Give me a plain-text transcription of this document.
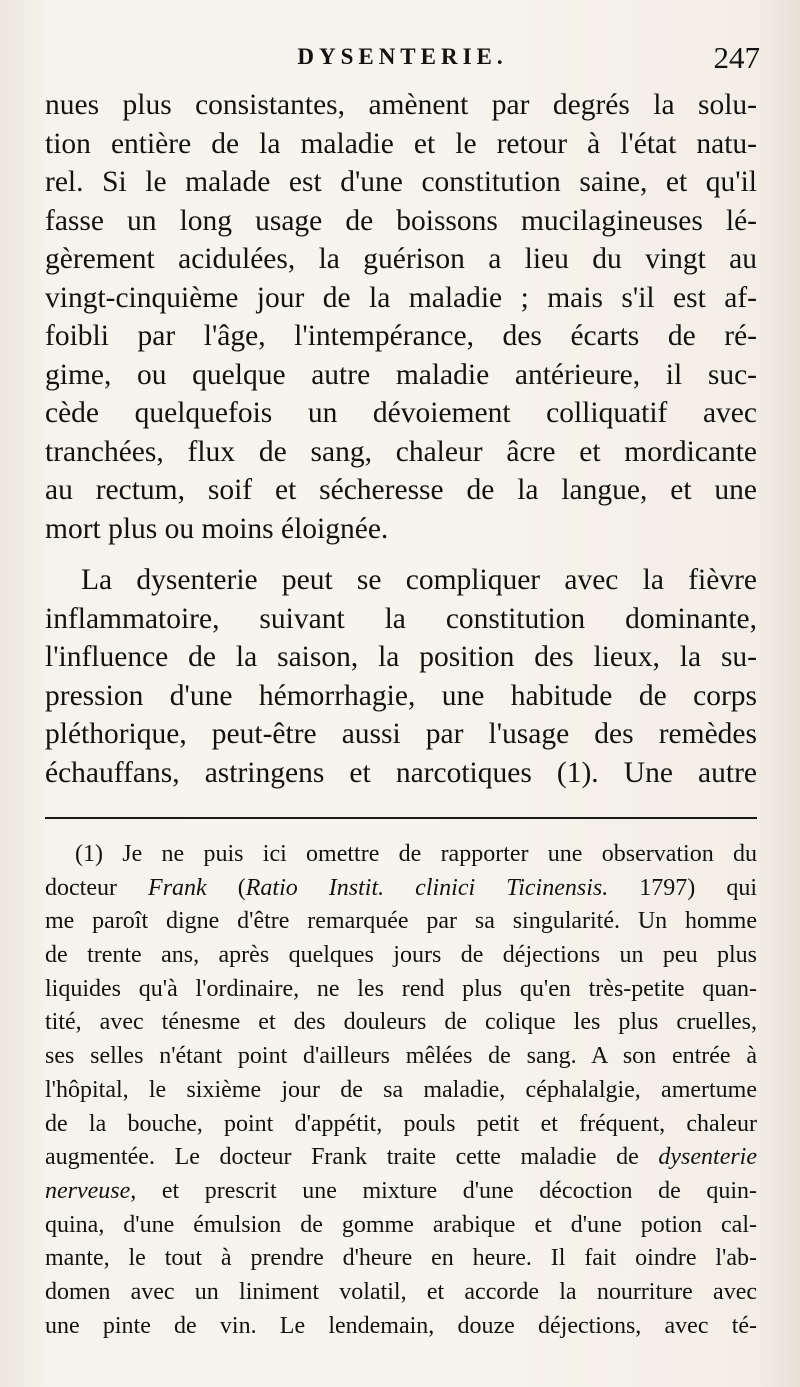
DYSENTERIE.	247
nues plus consistantes, amènent par degrés la solu-
tion entière de la maladie et le retour à l'état natu-
rel. Si le malade est d'une constitution saine, et qu'il
fasse un long usage de boissons mucilagineuses lé-
gèrement acidulées, la guérison a lieu du vingt au
vingt-cinquième jour de la maladie ; mais s'il est af-
foibli par l'âge, l'intempérance, des écarts de ré-
gime, ou quelque autre maladie antérieure, il suc-
cède quelquefois un dévoiement colliquatif avec
tranchées, flux de sang, chaleur âcre et mordicante
au rectum, soif et sécheresse de la langue, et une
mort plus ou moins éloignée.
La dysenterie peut se compliquer avec la fièvre
inflammatoire, suivant la constitution dominante,
l'influence de la saison, la position des lieux, la su-
pression d'une hémorrhagie, une habitude de corps
pléthorique, peut-être aussi par l'usage des remèdes
échauffans, astringens et narcotiques (1). Une autre
(1) Je ne puis ici omettre de rapporter une observation du
docteur Frank (Ratio Instit. clinici Ticinensis. 1797) qui
me paroît digne d'être remarquée par sa singularité. Un homme
de trente ans, après quelques jours de déjections un peu plus
liquides qu'à l'ordinaire, ne les rend plus qu'en très-petite quan-
tité, avec ténesme et des douleurs de colique les plus cruelles,
ses selles n'étant point d'ailleurs mêlées de sang. A son entrée à
l'hôpital, le sixième jour de sa maladie, céphalalgie, amertume
de la bouche, point d'appétit, pouls petit et fréquent, chaleur
augmentée. Le docteur Frank traite cette maladie de dysenterie
nerveuse, et prescrit une mixture d'une décoction de quin-
quina, d'une émulsion de gomme arabique et d'une potion cal-
mante, le tout à prendre d'heure en heure. Il fait oindre l'ab-
domen avec un liniment volatil, et accorde la nourriture avec
une pinte de vin. Le lendemain, douze déjections, avec té-
